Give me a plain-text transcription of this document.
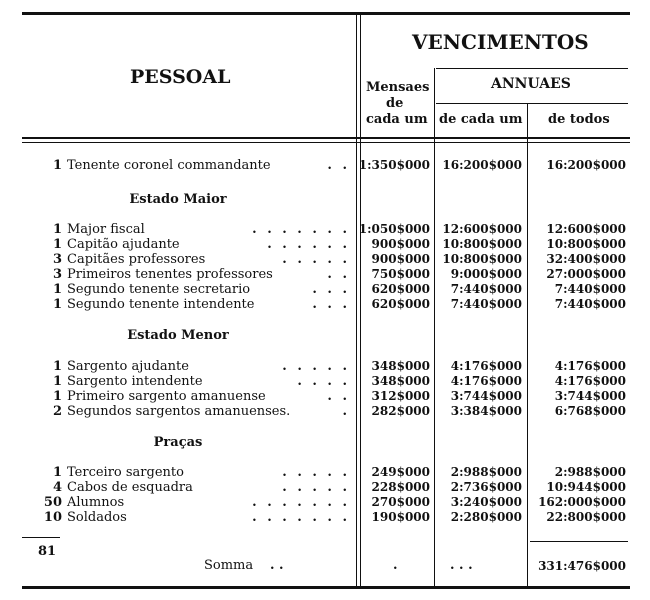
PESSOAL
VENCIMENTOS
Mensaes
de
cada um
ANNUAES
de cada um de todos
1 Tenente coronel commandante	. . 1:350$000 16:200$000 16:200$000
Estado Maior
1 Major fiscal	. . . . . . . 1:050$000 12:600$000 12:600$000
1 Capitão ajudante	. . . . . . 900$000 10:800$000 10:800$000
3 Capitães professores	. . . . . 900$000 10:800$000 32:400$000
3 Primeiros tenentes professores	. . 750$000 9:000$000 27:000$000
1 Segundo tenente secretario	. . . 620$000 7:440$000	7:440$000
1 Segundo tenente intendente	. . . 620$000 7:440$000	7:440$000
Estado Menor
1 Sargento ajudante	. . . . . 348$000 4:176$000	4:176$000
1 Sargento intendente	. . . . 348$000 4:176$000	4:176$000
1 Primeiro sargento amanuense	. . 312$000 3:744$000	3:744$000
2 Segundos sargentos amanuenses.	. 282$000 3:384$000	6:768$000
Praças
1 Terceiro sargento	. . . . . 249$000 2:988$000	2:988$000
4 Cabos de esquadra	. . . . . 228$000 2:736$000 10:944$000
50 Alumnos	. . . . . . . 270$000 3:240$000 162:000$000
10 Soldados	. . . . . . . 190$000 2:280$000 22:800$000
81
Somma . .	.	. . .	331:476$000
